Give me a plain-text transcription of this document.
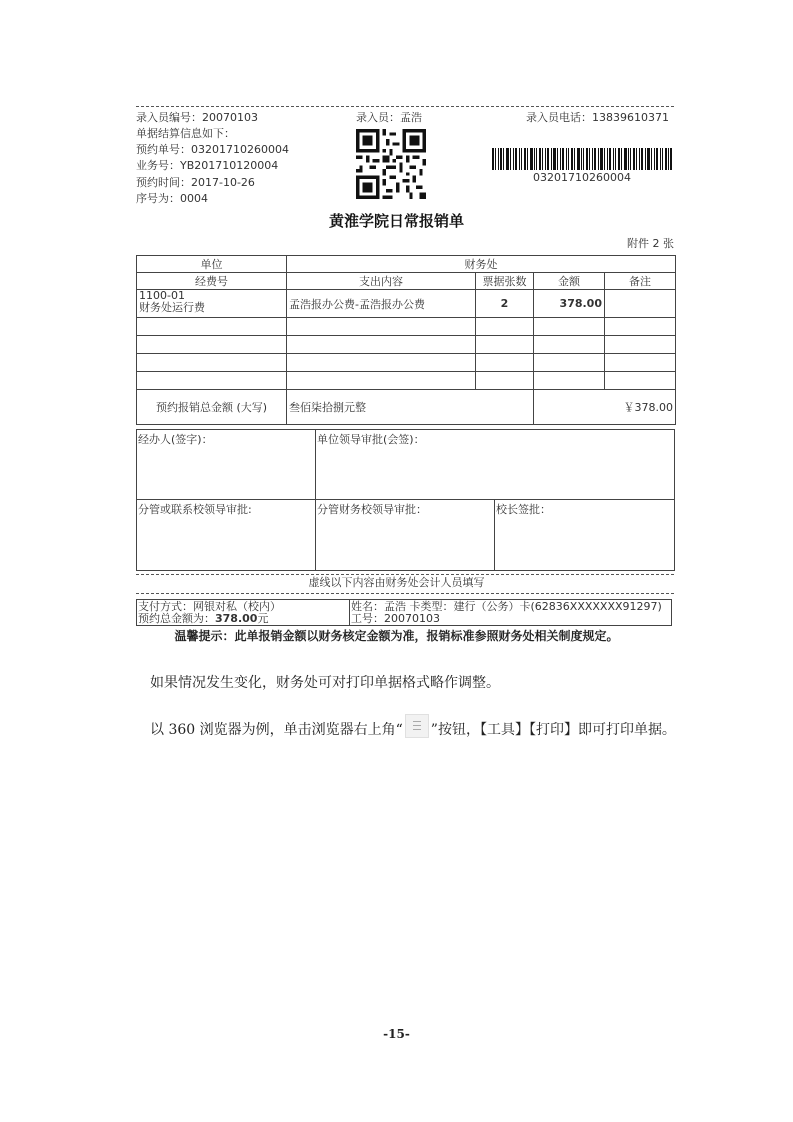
录入员编号：20070103	录入员：孟浩	录入员电话：13839610371
单据结算信息如下：
预约单号：03201710260004
业务号：YB201710120004
预约时间：2017-10-26
序号为：0004
03201710260004
黄淮学院日常报销单
附件 2 张
单位	财务处			
经费号	支出内容	票据张数	金额	备注

1100-01
财务处运行费	孟浩报办公费-孟浩报办公费	2	378.00	

预约报销总金额 (大写)	叁佰柒拾捌元整		￥378.00	
经办人(签字)：	单位领导审批(会签)：
分管或联系校领导审批:	分管财务校领导审批：	校长签批：
虚线以下内容由财务处会计人员填写
支付方式：网银对私（校内）
预约总金额为：378.00元
姓名：孟浩 卡类型：建行（公务）卡(62836XXXXXXX91297)
工号：20070103
温馨提示：此单报销金额以财务核定金额为准，报销标准参照财务处相关制度规定。
如果情况发生变化，财务处可对打印单据格式略作调整。
以 360 浏览器为例，单击浏览器右上角“ ”按钮，【工具】【打印】即可打印单据。
-15-
